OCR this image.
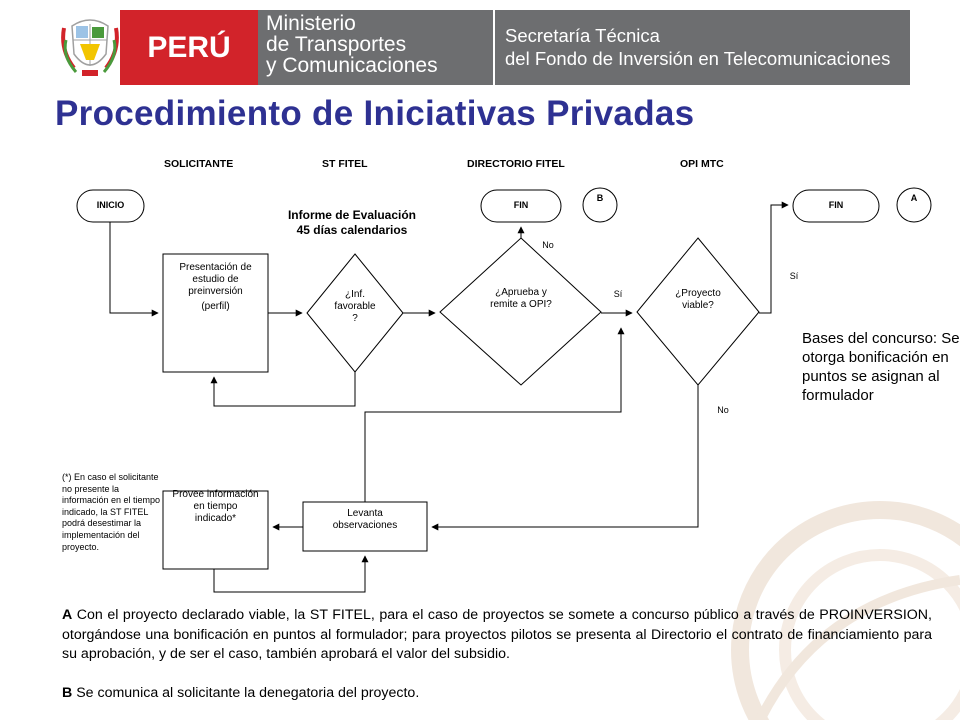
PERÚ
Ministerio
de Transportes
y Comunicaciones
Secretaría Técnica
del Fondo de Inversión en Telecomunicaciones
Procedimiento de Iniciativas Privadas
SOLICITANTE	ST FITEL	DIRECTORIO FITEL	OPI MTC
INICIO	FIN	FIN
B	A
Informe de Evaluación
45 días calendarios
Presentación de
estudio de
preinversión
(perfil)
¿Inf.
favorable
?
¿Aprueba y
remite a OPI?
¿Proyecto
viable?
Levanta
observaciones
Provee información
en tiempo
indicado*
No
Sí
Sí
No
(*) En caso el solicitante no presente la información en el tiempo indicado, la ST FITEL podrá desestimar la implementación del proyecto.
Bases del concurso: Se otorga bonificación en puntos se asignan al formulador
A Con el proyecto declarado viable, la ST FITEL, para el caso de proyectos se somete a concurso público a través de PROINVERSION, otorgándose una bonificación en puntos al formulador; para proyectos pilotos se presenta al Directorio el contrato de financiamiento para su aprobación, y de ser el caso, también aprobará el valor del subsidio.
B Se comunica al solicitante la denegatoria del proyecto.
